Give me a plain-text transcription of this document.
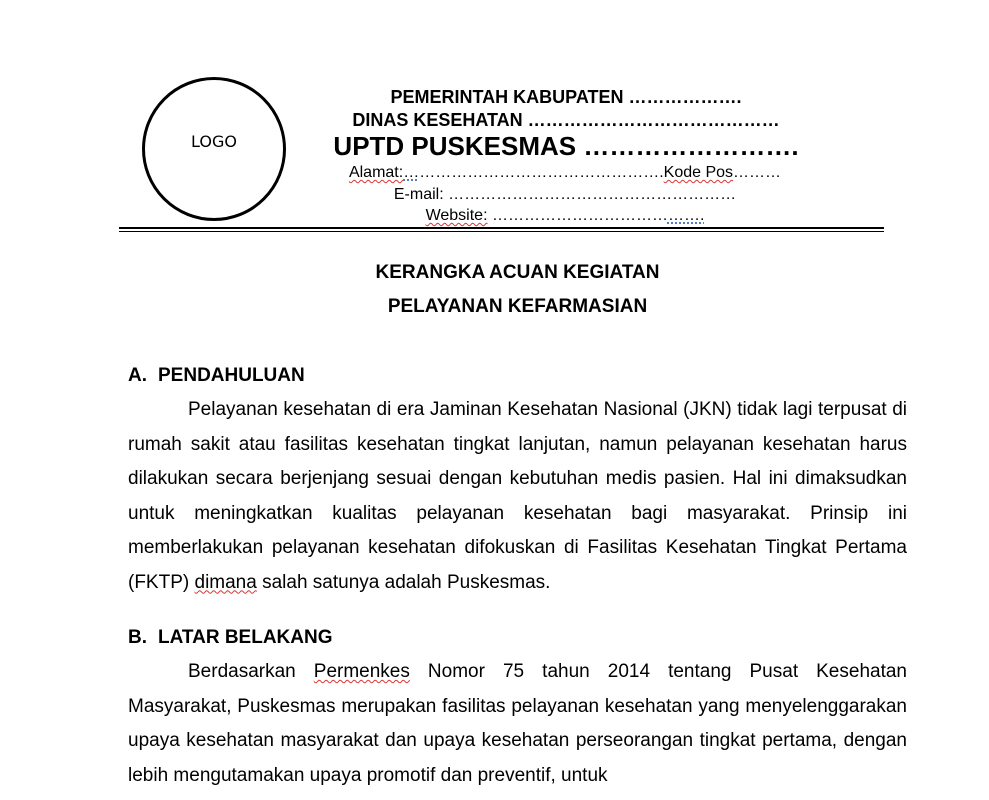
LOGO
PEMERINTAH KABUPATEN ……………….
DINAS KESEHATAN ……………………………………
UPTD PUSKESMAS …………………….
Alamat:………………………………………….Kode Pos………
E-mail: ………………………………………………
Website: ………………………………….
KERANGKA ACUAN KEGIATAN
PELAYANAN KEFARMASIAN
A. PENDAHULUAN
Pelayanan kesehatan di era Jaminan Kesehatan Nasional (JKN) tidak lagi terpusat di rumah sakit atau fasilitas kesehatan tingkat lanjutan, namun pelayanan kesehatan harus dilakukan secara berjenjang sesuai dengan kebutuhan medis pasien. Hal ini dimaksudkan untuk meningkatkan kualitas pelayanan kesehatan bagi masyarakat. Prinsip ini memberlakukan pelayanan kesehatan difokuskan di Fasilitas Kesehatan Tingkat Pertama (FKTP) dimana salah satunya adalah Puskesmas.
B. LATAR BELAKANG
Berdasarkan Permenkes Nomor 75 tahun 2014 tentang Pusat Kesehatan Masyarakat, Puskesmas merupakan fasilitas pelayanan kesehatan yang menyelenggarakan upaya kesehatan masyarakat dan upaya kesehatan perseorangan tingkat pertama, dengan lebih mengutamakan upaya promotif dan preventif, untuk
